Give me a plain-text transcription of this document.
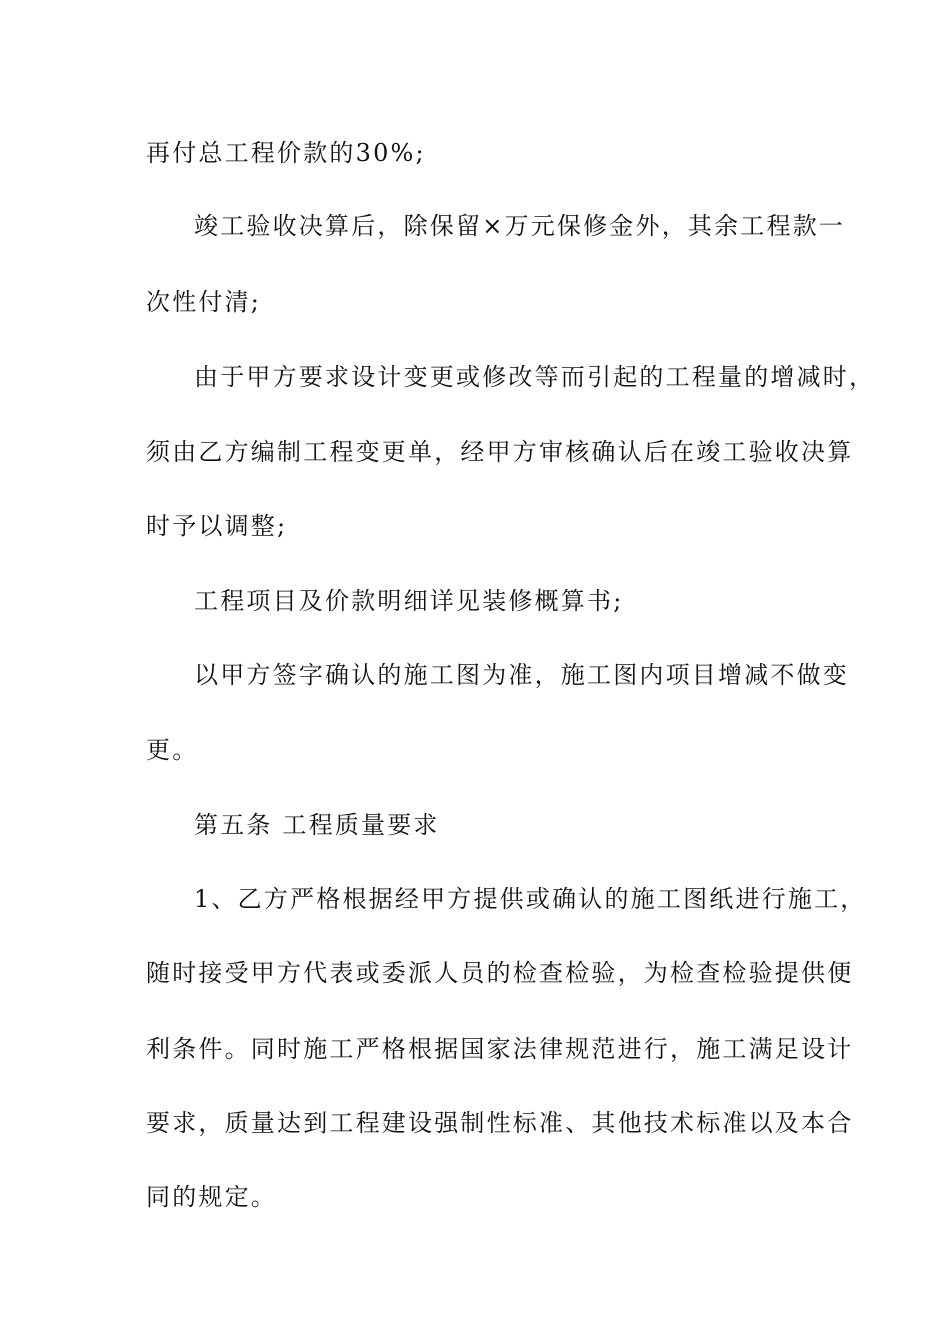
再付总工程价款的30%;
竣工验收决算后，除保留×万元保修金外，其余工程款一
次性付清;
由于甲方要求设计变更或修改等而引起的工程量的增减时，
须由乙方编制工程变更单，经甲方审核确认后在竣工验收决算
时予以调整;
工程项目及价款明细详见装修概算书;
以甲方签字确认的施工图为准，施工图内项目增减不做变
更。
第五条 工程质量要求
1、乙方严格根据经甲方提供或确认的施工图纸进行施工，
随时接受甲方代表或委派人员的检查检验，为检查检验提供便
利条件。同时施工严格根据国家法律规范进行，施工满足设计
要求，质量达到工程建设强制性标准、其他技术标准以及本合
同的规定。
